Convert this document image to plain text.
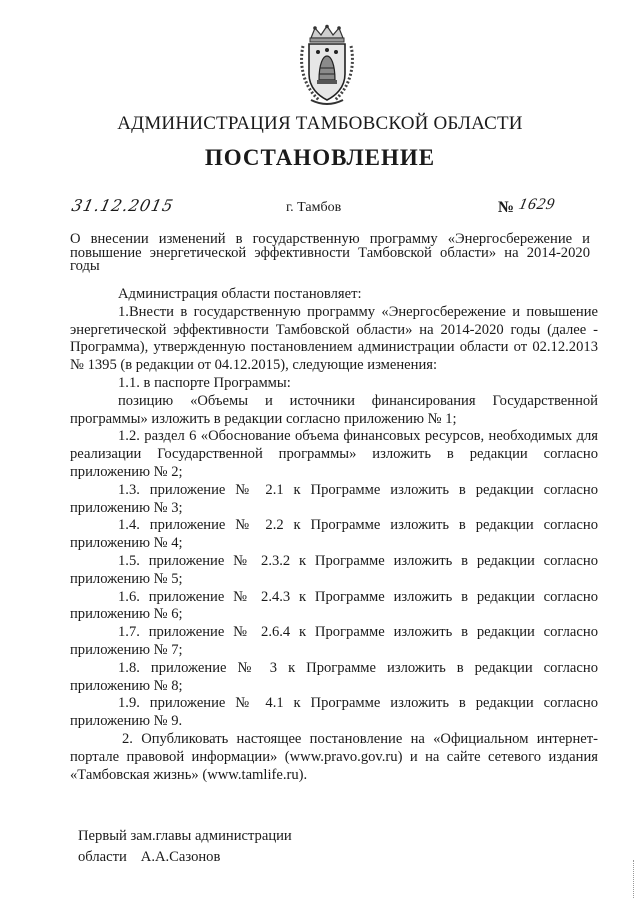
АДМИНИСТРАЦИЯ ТАМБОВСКОЙ ОБЛАСТИ
ПОСТАНОВЛЕНИЕ
31.12.2015	г. Тамбов	№ 1629
О внесении изменений в государственную программу «Энергосбережение и повышение энергетической эффективности Тамбовской области» на 2014-2020 годы

Администрация области постановляет:

1.Внести в государственную программу «Энергосбережение и повышение энергетической эффективности Тамбовской области» на 2014-2020 годы (далее - Программа), утвержденную постановлением администрации области от 02.12.2013 № 1395 (в редакции от 04.12.2015), следующие изменения:

1.1. в паспорте Программы:

позицию «Объемы и источники финансирования Государственной программы» изложить в редакции согласно приложению № 1;

1.2. раздел 6 «Обоснование объема финансовых ресурсов, необходимых для реализации Государственной программы» изложить в редакции согласно приложению № 2;

1.3. приложение № 2.1 к Программе изложить в редакции согласно приложению № 3;

1.4. приложение № 2.2 к Программе изложить в редакции согласно приложению № 4;

1.5. приложение № 2.3.2 к Программе изложить в редакции согласно приложению № 5;

1.6. приложение № 2.4.3 к Программе изложить в редакции согласно приложению № 6;

1.7. приложение № 2.6.4 к Программе изложить в редакции согласно приложению № 7;

1.8. приложение № 3 к Программе изложить в редакции согласно приложению № 8;

1.9. приложение № 4.1 к Программе изложить в редакции согласно приложению № 9.

2. Опубликовать настоящее постановление на «Официальном интернет-портале правовой информации» (www.pravo.gov.ru) и на сайте сетевого издания «Тамбовская жизнь» (www.tamlife.ru).

Первый зам.главы администрации
области А.А.Сазонов
